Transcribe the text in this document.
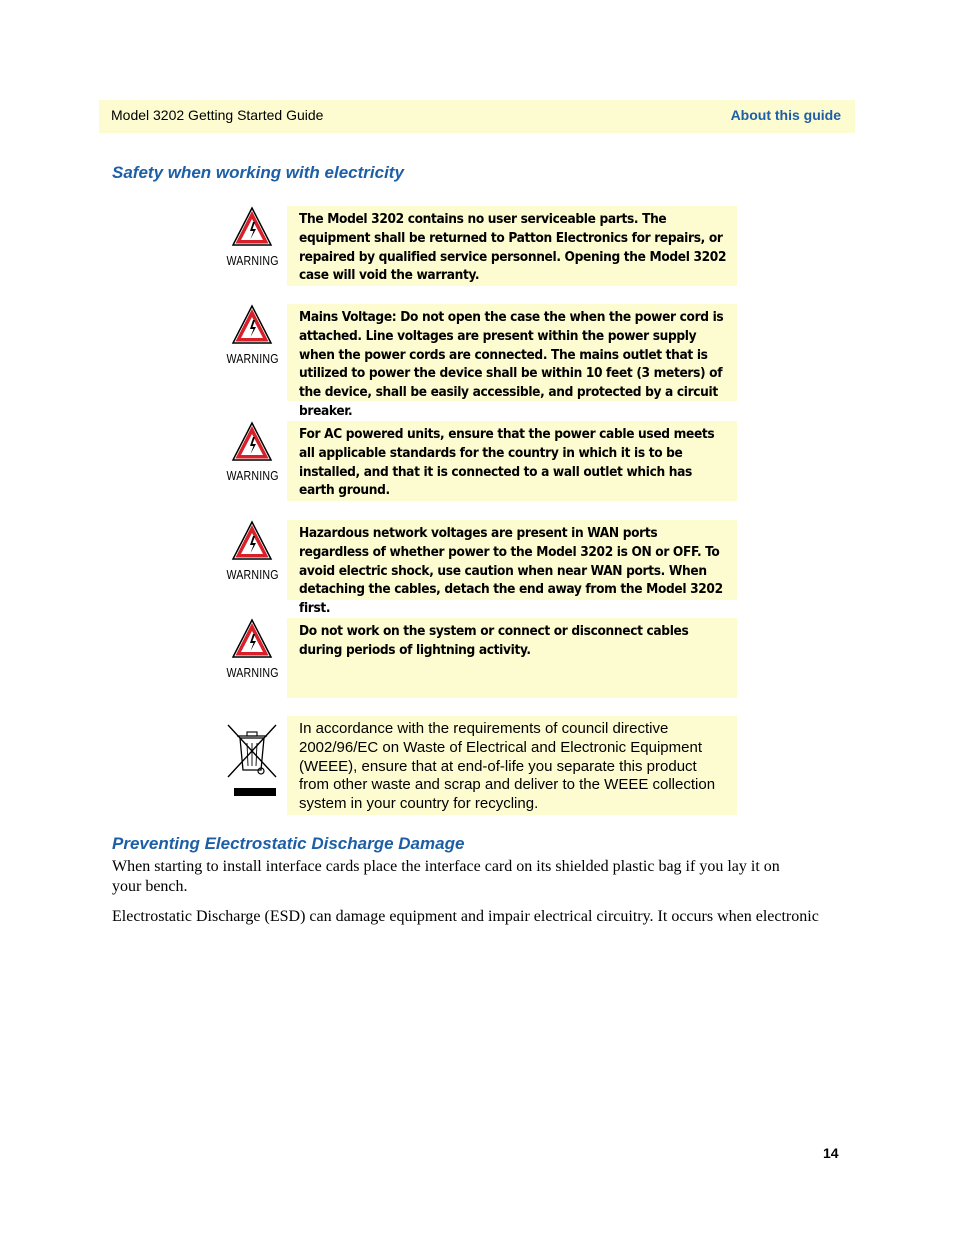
Model 3202 Getting Started Guide	About this guide
Safety when working with electricity
WARNING
The Model 3202 contains no user serviceable parts. The equipment shall be returned to Patton Electronics for repairs, or repaired by qualified service personnel. Opening the Model 3202 case will void the warranty.
WARNING
Mains Voltage: Do not open the case the when the power cord is attached. Line voltages are present within the power supply when the power cords are connected. The mains outlet that is utilized to power the device shall be within 10 feet (3 meters) of the device, shall be easily accessible, and protected by a circuit breaker.
WARNING
For AC powered units, ensure that the power cable used meets all applicable standards for the country in which it is to be installed, and that it is connected to a wall outlet which has earth ground.
WARNING
Hazardous network voltages are present in WAN ports regardless of whether power to the Model 3202 is ON or OFF. To avoid electric shock, use caution when near WAN ports. When detaching the cables, detach the end away from the Model 3202 first.
WARNING
Do not work on the system or connect or disconnect cables during periods of lightning activity.
In accordance with the requirements of council directive 2002/96/EC on Waste of Electrical and Electronic Equipment (WEEE), ensure that at end-of-life you separate this product from other waste and scrap and deliver to the WEEE collection system in your country for recycling.
Preventing Electrostatic Discharge Damage
When starting to install interface cards place the interface card on its shielded plastic bag if you lay it on your bench.
Electrostatic Discharge (ESD) can damage equipment and impair electrical circuitry. It occurs when electronic
14
